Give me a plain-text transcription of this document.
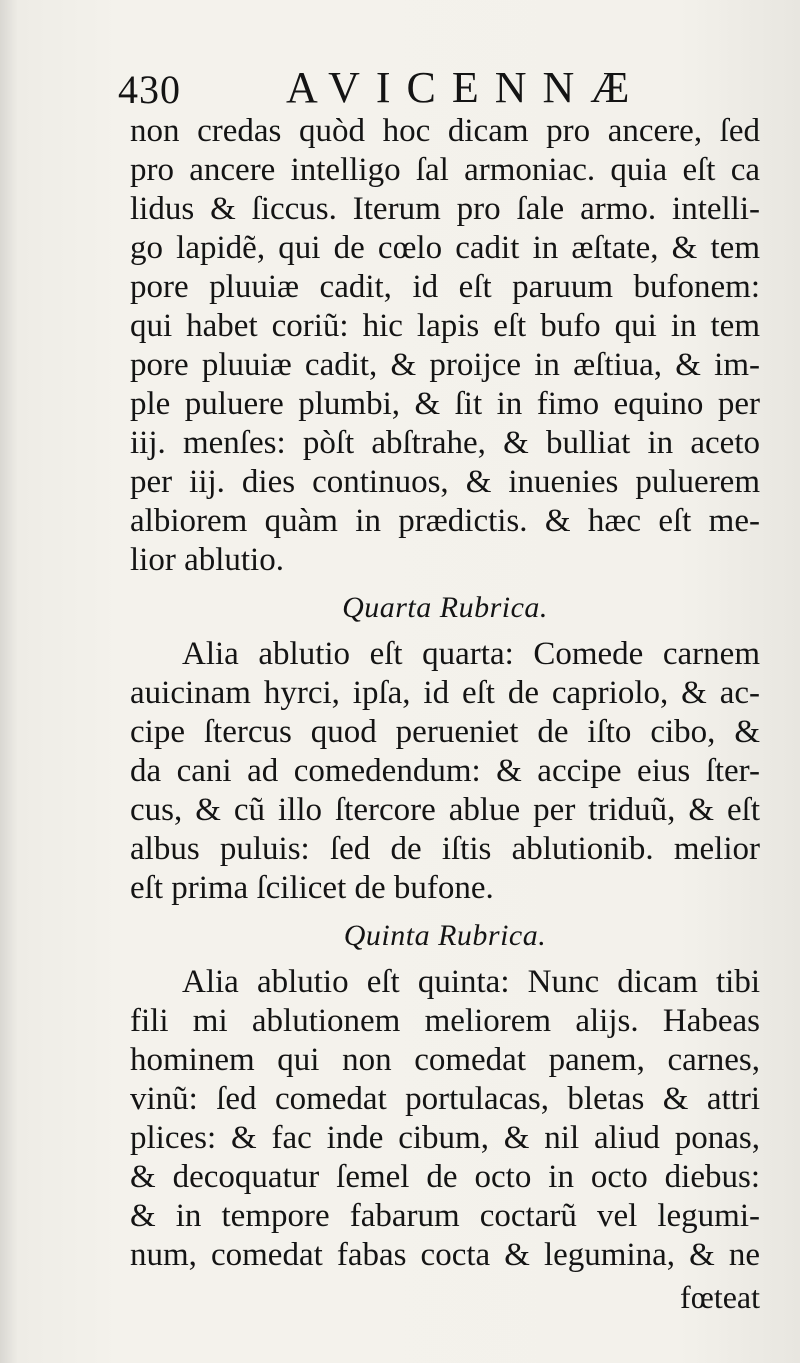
430 AVICENNÆ
non credas quòd hoc dicam pro ancere, ſed
pro ancere intelligo ſal armoniac. quia eſt ca
lidus & ſiccus. Iterum pro ſale armo. intelli-
go lapidẽ, qui de cœlo cadit in æſtate, & tem
pore pluuiæ cadit, id eſt paruum bufonem:
qui habet coriũ: hic lapis eſt bufo qui in tem
pore pluuiæ cadit, & proijce in æſtiua, & im-
ple puluere plumbi, & ſit in fimo equino per
iij. menſes: pòſt abſtrahe, & bulliat in aceto
per iij. dies continuos, & inuenies puluerem
albiorem quàm in prædictis. & hæc eſt me-
lior ablutio.
Quarta Rubrica.
Alia ablutio eſt quarta: Comede carnem
auicinam hyrci, ipſa, id eſt de capriolo, & ac-
cipe ſtercus quod perueniet de iſto cibo, &
da cani ad comedendum: & accipe eius ſter-
cus, & cũ illo ſtercore ablue per triduũ, & eſt
albus puluis: ſed de iſtis ablutionib. melior
eſt prima ſcilicet de bufone.
Quinta Rubrica.
Alia ablutio eſt quinta: Nunc dicam tibi
fili mi ablutionem meliorem alijs. Habeas
hominem qui non comedat panem, carnes,
vinũ: ſed comedat portulacas, bletas & attri
plices: & fac inde cibum, & nil aliud ponas,
& decoquatur ſemel de octo in octo diebus:
& in tempore fabarum coctarũ vel legumi-
num, comedat fabas cocta & legumina, & ne
fœteat
